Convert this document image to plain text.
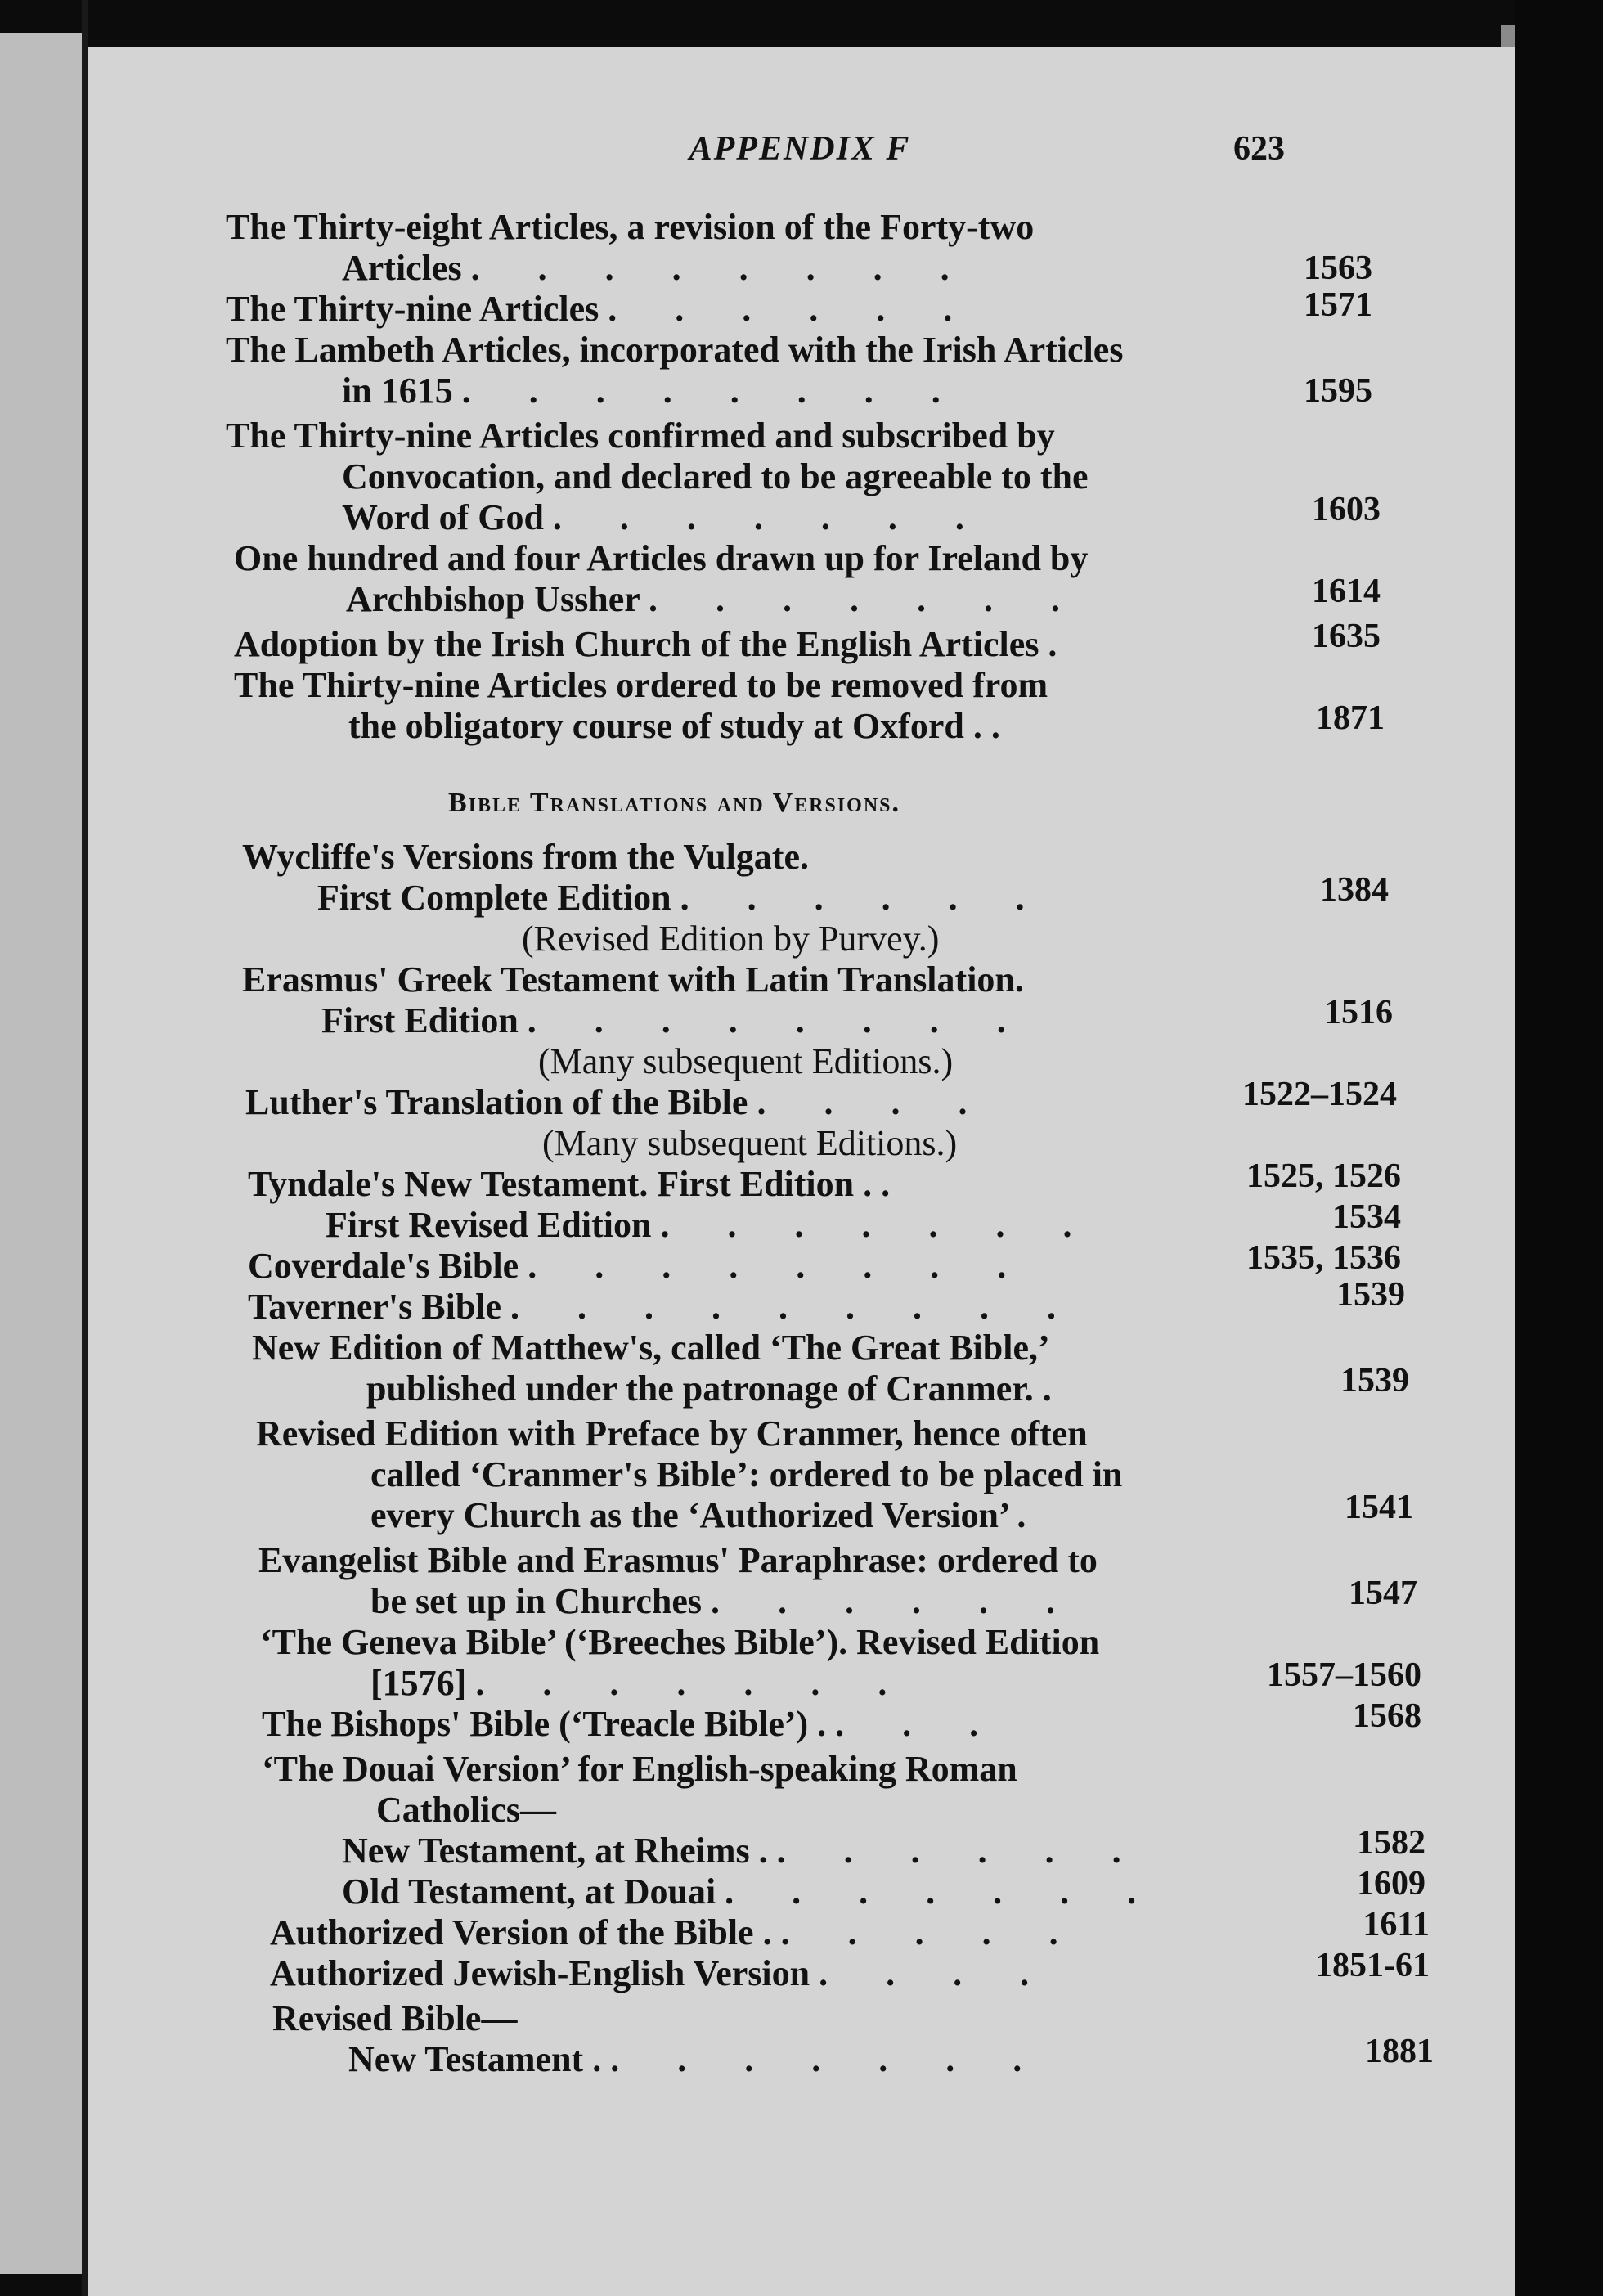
APPENDIX F	623
The Thirty-eight Articles, a revision of the Forty-two
Articles . . . . . . . .	1563
The Thirty-nine Articles . . . . . .	1571
The Lambeth Articles, incorporated with the Irish Articles
in 1615 . . . . . . . .	1595
The Thirty-nine Articles confirmed and subscribed by
Convocation, and declared to be agreeable to the
Word of God . . . . . . .	1603
One hundred and four Articles drawn up for Ireland by
Archbishop Ussher . . . . . . .	1614
Adoption by the Irish Church of the English Articles .	1635
The Thirty-nine Articles ordered to be removed from
the obligatory course of study at Oxford . .	1871
Bible Translations and Versions.
Wycliffe's Versions from the Vulgate.
First Complete Edition . . . . . .	1384
(Revised Edition by Purvey.)
Erasmus' Greek Testament with Latin Translation.
First Edition . . . . . . . .	1516
(Many subsequent Editions.)
Luther's Translation of the Bible . . . .	1522–1524
(Many subsequent Editions.)
Tyndale's New Testament. First Edition . .	1525, 1526
First Revised Edition . . . . . . .	1534
Coverdale's Bible . . . . . . . .	1535, 1536
Taverner's Bible . . . . . . . . .	1539
New Edition of Matthew's, called ‘The Great Bible,’
published under the patronage of Cranmer. .	1539
Revised Edition with Preface by Cranmer, hence often
called ‘Cranmer's Bible’: ordered to be placed in
every Church as the ‘Authorized Version’ .	1541
Evangelist Bible and Erasmus' Paraphrase: ordered to
be set up in Churches . . . . . .	1547
‘The Geneva Bible’ (‘Breeches Bible’). Revised Edition
[1576] . . . . . . .	1557–1560
The Bishops' Bible (‘Treacle Bible’) . . . .	1568
‘The Douai Version’ for English-speaking Roman
Catholics—
New Testament, at Rheims . . . . . . .	1582
Old Testament, at Douai . . . . . . .	1609
Authorized Version of the Bible . . . . . .	1611
Authorized Jewish-English Version . . . .	1851-61
Revised Bible—
New Testament . . . . . . . .	1881
